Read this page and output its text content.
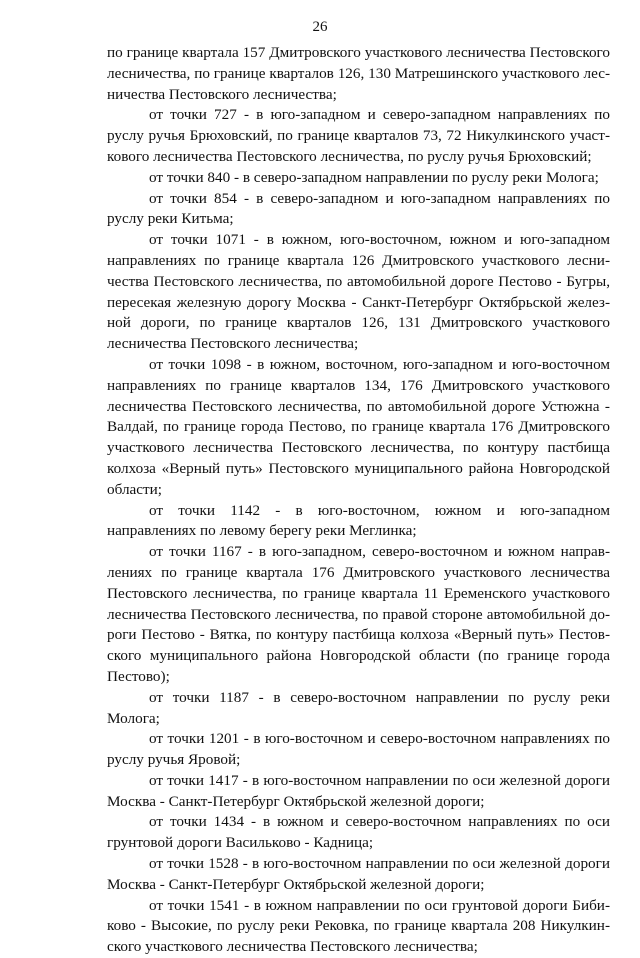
26

по границе квартала 157 Дмитровского участкового лесничества Пестовского лесничества, по границе кварталов 126, 130 Матрешинского участкового лесничества Пестовского лесничества;

от точки 727 - в юго-западном и северо-западном направлениях по руслу ручья Брюховский, по границе кварталов 73, 72 Никулкинского участкового лесничества Пестовского лесничества, по руслу ручья Брюховский;

от точки 840 - в северо-западном направлении по руслу реки Молога;

от точки 854 - в северо-западном и юго-западном направлениях по руслу реки Китьма;

от точки 1071 - в южном, юго-восточном, южном и юго-западном направлениях по границе квартала 126 Дмитровского участкового лесничества Пестовского лесничества, по автомобильной дороге Пестово - Бугры, пересекая железную дорогу Москва - Санкт-Петербург Октябрьской железной дороги, по границе кварталов 126, 131 Дмитровского участкового лесничества Пестовского лесничества;

от точки 1098 - в южном, восточном, юго-западном и юго-восточном направлениях по границе кварталов 134, 176 Дмитровского участкового лесничества Пестовского лесничества, по автомобильной дороге Устюжна - Валдай, по границе города Пестово, по границе квартала 176 Дмитровского участкового лесничества Пестовского лесничества, по контуру пастбища колхоза «Верный путь» Пестовского муниципального района Новгородской области;

от точки 1142 - в юго-восточном, южном и юго-западном направлениях по левому берегу реки Меглинка;

от точки 1167 - в юго-западном, северо-восточном и южном направлениях по границе квартала 176 Дмитровского участкового лесничества Пестовского лесничества, по границе квартала 11 Еременского участкового лесничества Пестовского лесничества, по правой стороне автомобильной дороги Пестово - Вятка, по контуру пастбища колхоза «Верный путь» Пестовского муниципального района Новгородской области (по границе города Пестово);

от точки 1187 - в северо-восточном направлении по руслу реки Молога;

от точки 1201 - в юго-восточном и северо-восточном направлениях по руслу ручья Яровой;

от точки 1417 - в юго-восточном направлении по оси железной дороги Москва - Санкт-Петербург Октябрьской железной дороги;

от точки 1434 - в южном и северо-восточном направлениях по оси грунтовой дороги Васильково - Кадница;

от точки 1528 - в юго-восточном направлении по оси железной дороги Москва - Санкт-Петербург Октябрьской железной дороги;

от точки 1541 - в южном направлении по оси грунтовой дороги Бибиково - Высокие, по руслу реки Рековка, по границе квартала 208 Никулкинского участкового лесничества Пестовского лесничества;
